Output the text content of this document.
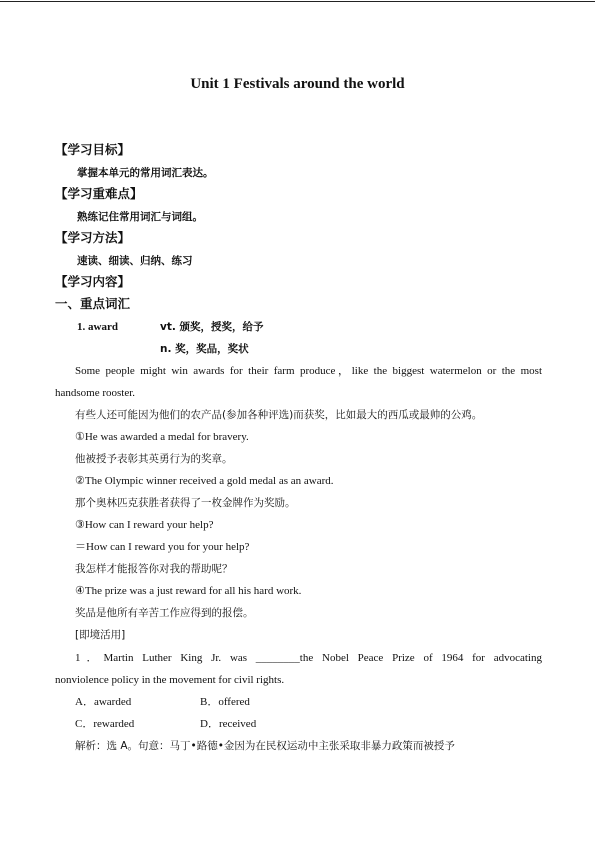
Unit 1 Festivals around the world
【学习目标】
掌握本单元的常用词汇表达。
【学习重难点】
熟练记住常用词汇与词组。
【学习方法】
速读、细读、归纳、练习
【学习内容】
一、重点词汇
1. award	vt. 颁奖，授奖，给予
n. 奖，奖品，奖状
Some people might win awards for their farm produce，like the biggest watermelon or the most
handsome rooster.
有些人还可能因为他们的农产品(参加各种评选)而获奖，比如最大的西瓜或最帅的公鸡。
①He was awarded a medal for bravery.
他被授予表彰其英勇行为的奖章。
②The Olympic winner received a gold medal as an award.
那个奥林匹克获胜者获得了一枚金牌作为奖励。
③How can I reward your help?
＝How can I reward you for your help?
我怎样才能报答你对我的帮助呢？
④The prize was a just reward for all his hard work.
奖品是他所有辛苦工作应得到的报偿。
[即境活用]
1．Martin Luther King Jr. was ________the Nobel Peace Prize of 1964 for advocating
nonviolence policy in the movement for civil rights.
A．awarded	B．offered
C．rewarded	D．received
解析：选 A。句意：马丁•路德•金因为在民权运动中主张采取非暴力政策而被授予
